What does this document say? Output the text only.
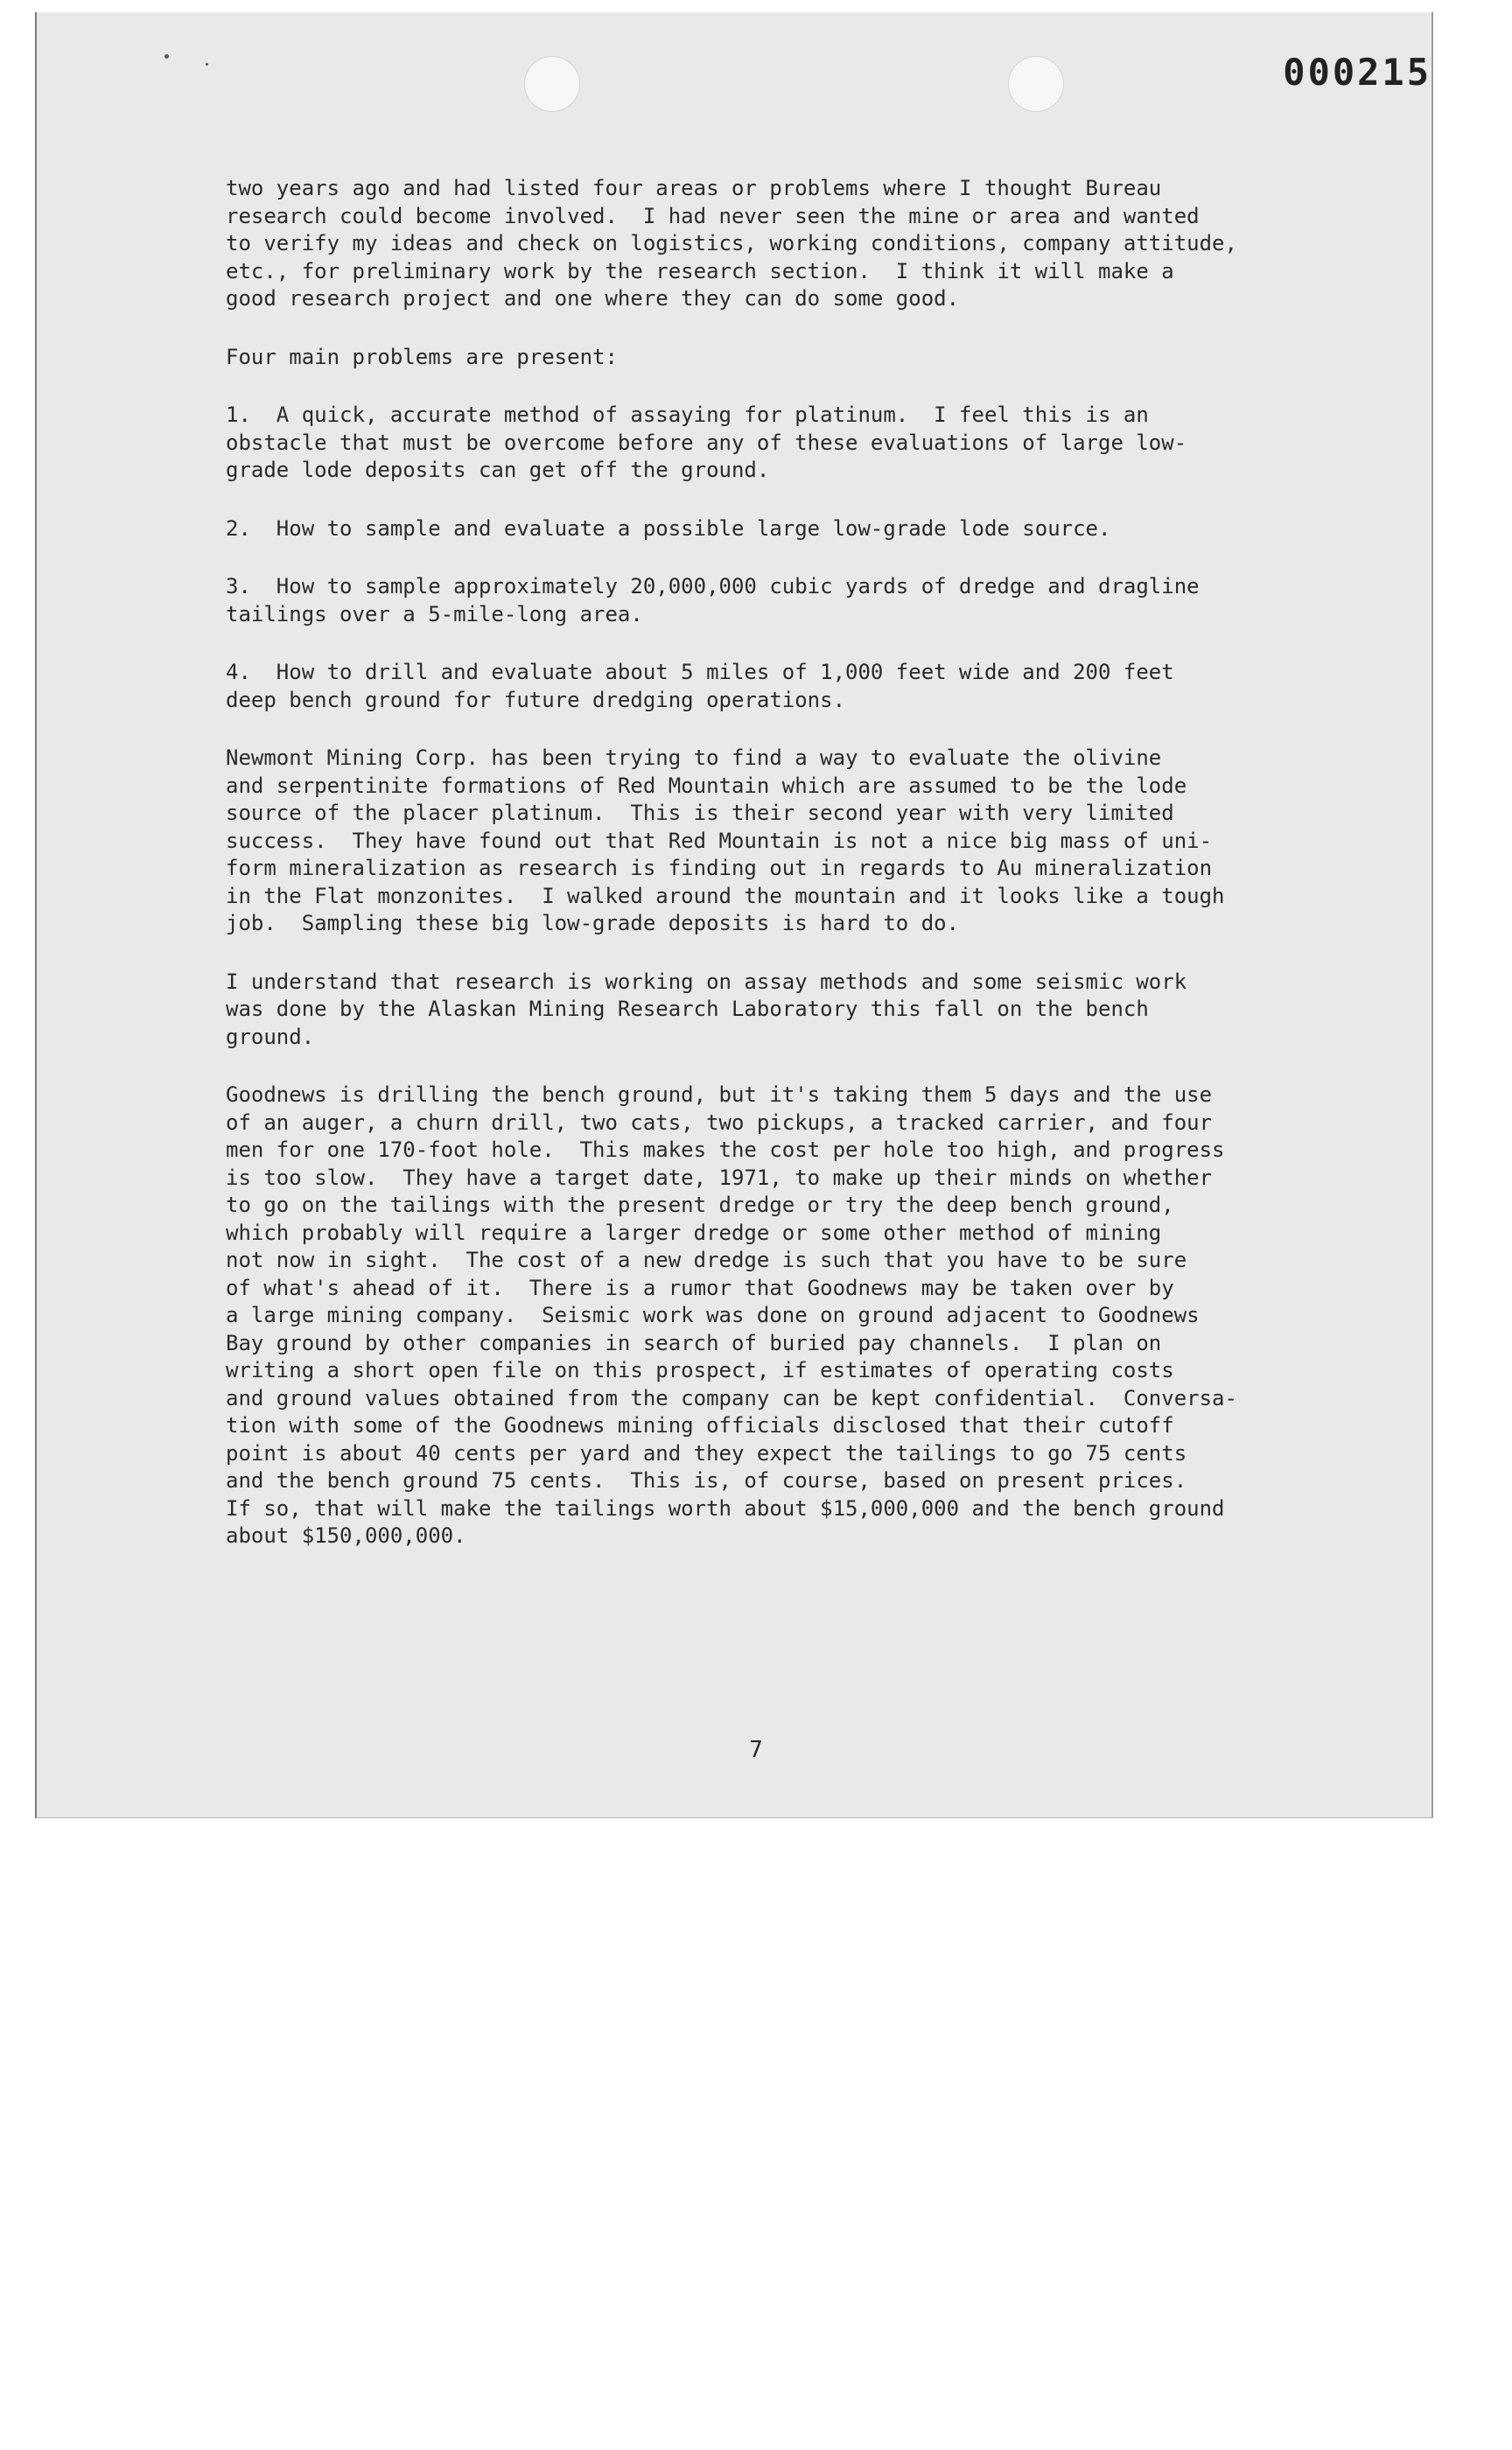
000215

two years ago and had listed four areas or problems where I thought Bureau
research could become involved.  I had never seen the mine or area and wanted
to verify my ideas and check on logistics, working conditions, company attitude,
etc., for preliminary work by the research section.  I think it will make a
good research project and one where they can do some good.

Four main problems are present:

1.  A quick, accurate method of assaying for platinum.  I feel this is an
obstacle that must be overcome before any of these evaluations of large low-
grade lode deposits can get off the ground.

2.  How to sample and evaluate a possible large low-grade lode source.

3.  How to sample approximately 20,000,000 cubic yards of dredge and dragline
tailings over a 5-mile-long area.

4.  How to drill and evaluate about 5 miles of 1,000 feet wide and 200 feet
deep bench ground for future dredging operations.

Newmont Mining Corp. has been trying to find a way to evaluate the olivine
and serpentinite formations of Red Mountain which are assumed to be the lode
source of the placer platinum.  This is their second year with very limited
success.  They have found out that Red Mountain is not a nice big mass of uni-
form mineralization as research is finding out in regards to Au mineralization
in the Flat monzonites.  I walked around the mountain and it looks like a tough
job.  Sampling these big low-grade deposits is hard to do.

I understand that research is working on assay methods and some seismic work
was done by the Alaskan Mining Research Laboratory this fall on the bench
ground.

Goodnews is drilling the bench ground, but it's taking them 5 days and the use
of an auger, a churn drill, two cats, two pickups, a tracked carrier, and four
men for one 170-foot hole.  This makes the cost per hole too high, and progress
is too slow.  They have a target date, 1971, to make up their minds on whether
to go on the tailings with the present dredge or try the deep bench ground,
which probably will require a larger dredge or some other method of mining
not now in sight.  The cost of a new dredge is such that you have to be sure
of what's ahead of it.  There is a rumor that Goodnews may be taken over by
a large mining company.  Seismic work was done on ground adjacent to Goodnews
Bay ground by other companies in search of buried pay channels.  I plan on
writing a short open file on this prospect, if estimates of operating costs
and ground values obtained from the company can be kept confidential.  Conversa-
tion with some of the Goodnews mining officials disclosed that their cutoff
point is about 40 cents per yard and they expect the tailings to go 75 cents
and the bench ground 75 cents.  This is, of course, based on present prices.
If so, that will make the tailings worth about $15,000,000 and the bench ground
about $150,000,000.

7
